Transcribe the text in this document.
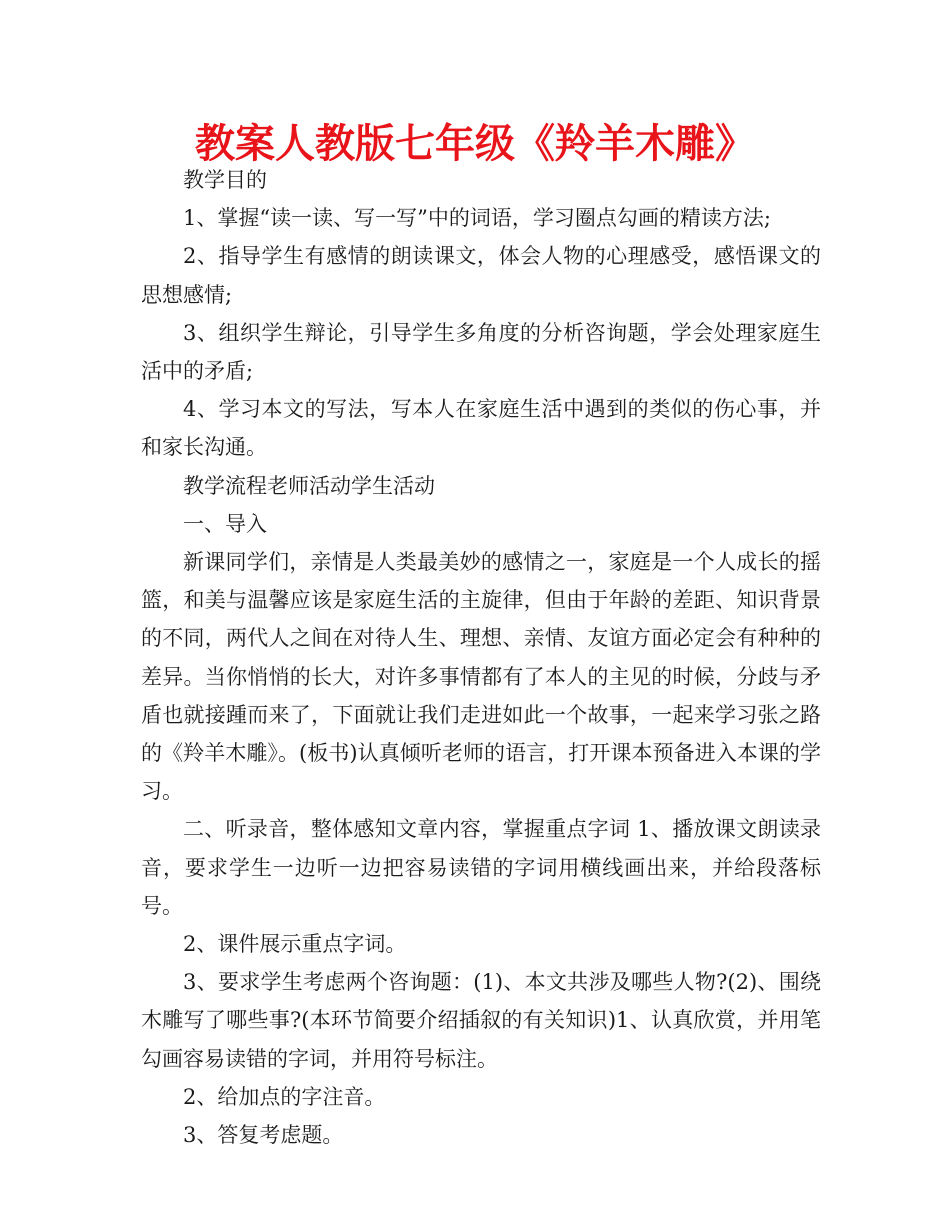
教案人教版七年级《羚羊木雕》

教学目的

1、掌握“读一读、写一写”中的词语，学习圈点勾画的精读方法;

2、指导学生有感情的朗读课文，体会人物的心理感受，感悟课文的思想感情;

3、组织学生辩论，引导学生多角度的分析咨询题，学会处理家庭生活中的矛盾;

4、学习本文的写法，写本人在家庭生活中遇到的类似的伤心事，并和家长沟通。

教学流程老师活动学生活动

一、导入

新课同学们，亲情是人类最美妙的感情之一，家庭是一个人成长的摇篮，和美与温馨应该是家庭生活的主旋律，但由于年龄的差距、知识背景的不同，两代人之间在对待人生、理想、亲情、友谊方面必定会有种种的差异。当你悄悄的长大，对许多事情都有了本人的主见的时候，分歧与矛盾也就接踵而来了，下面就让我们走进如此一个故事，一起来学习张之路的《羚羊木雕》。(板书)认真倾听老师的语言，打开课本预备进入本课的学习。

二、听录音，整体感知文章内容，掌握重点字词 1、播放课文朗读录音，要求学生一边听一边把容易读错的字词用横线画出来，并给段落标号。

2、课件展示重点字词。

3、要求学生考虑两个咨询题：(1)、本文共涉及哪些人物?(2)、围绕木雕写了哪些事?(本环节简要介绍插叙的有关知识)1、认真欣赏，并用笔勾画容易读错的字词，并用符号标注。

2、给加点的字注音。

3、答复考虑题。
